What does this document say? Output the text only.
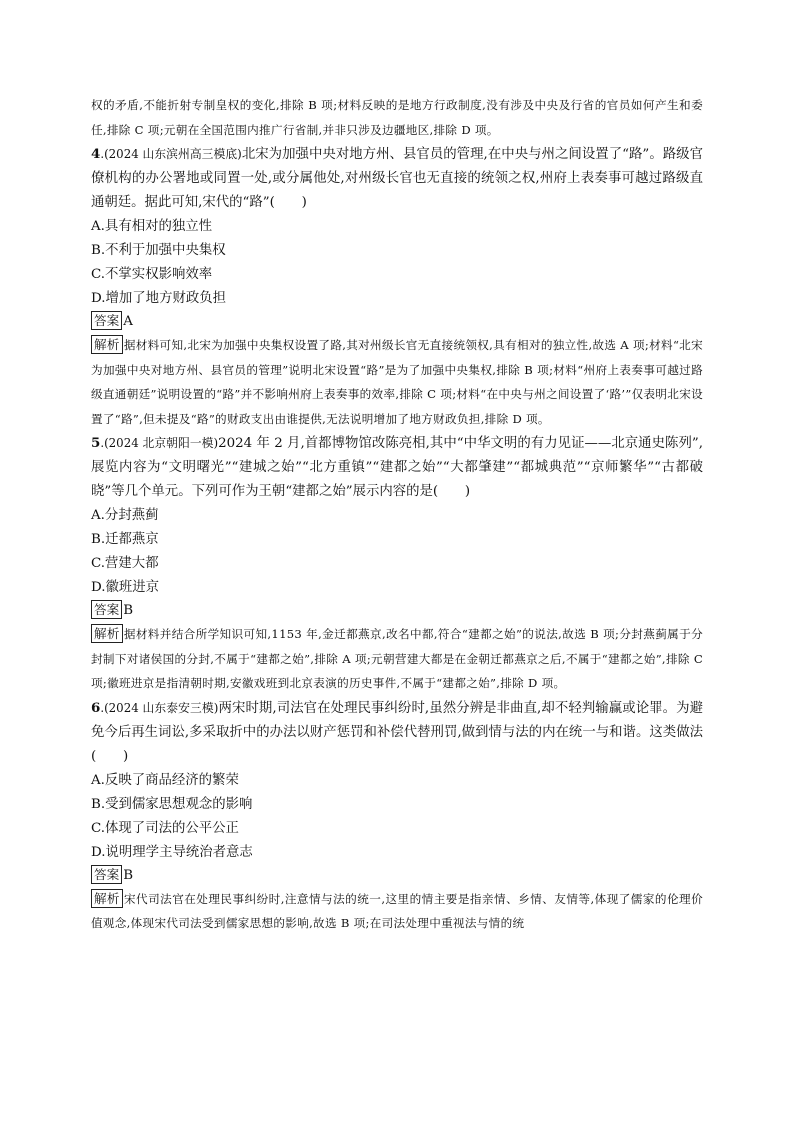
权的矛盾,不能折射专制皇权的变化,排除 B 项;材料反映的是地方行政制度,没有涉及中央及行省的官员如何产生和委任,排除 C 项;元朝在全国范围内推广行省制,并非只涉及边疆地区,排除 D 项。

4.(2024 山东滨州高三模底)北宋为加强中央对地方州、县官员的管理,在中央与州之间设置了“路”。路级官僚机构的办公署地或同置一处,或分属他处,对州级长官也无直接的统领之权,州府上表奏事可越过路级直通朝廷。据此可知,宋代的“路”(　　)

A.具有相对的独立性

B.不利于加强中央集权

C.不掌实权影响效率

D.增加了地方财政负担

答案 A

解析 据材料可知,北宋为加强中央集权设置了路,其对州级长官无直接统领权,具有相对的独立性,故选 A 项;材料“北宋为加强中央对地方州、县官员的管理”说明北宋设置“路”是为了加强中央集权,排除 B 项;材料“州府上表奏事可越过路级直通朝廷”说明设置的“路”并不影响州府上表奏事的效率,排除 C 项;材料“在中央与州之间设置了‘路’”仅表明北宋设置了“路”,但未提及“路”的财政支出由谁提供,无法说明增加了地方财政负担,排除 D 项。

5.(2024 北京朝阳一模)2024 年 2 月,首都博物馆改陈亮相,其中“中华文明的有力见证——北京通史陈列”,展览内容为“文明曙光”“建城之始”“北方重镇”“建都之始”“大都肇建”“都城典范”“京师繁华”“古都破晓”等几个单元。下列可作为王朝“建都之始”展示内容的是(　　)

A.分封燕蓟

B.迁都燕京

C.营建大都

D.徽班进京

答案 B

解析 据材料并结合所学知识可知,1153 年,金迁都燕京,改名中都,符合“建都之始”的说法,故选 B 项;分封燕蓟属于分封制下对诸侯国的分封,不属于“建都之始”,排除 A 项;元朝营建大都是在金朝迁都燕京之后,不属于“建都之始”,排除 C 项;徽班进京是指清朝时期,安徽戏班到北京表演的历史事件,不属于“建都之始”,排除 D 项。

6.(2024 山东泰安三模)两宋时期,司法官在处理民事纠纷时,虽然分辨是非曲直,却不轻判输赢或论罪。为避免今后再生词讼,多采取折中的办法以财产惩罚和补偿代替刑罚,做到情与法的内在统一与和谐。这类做法(　　)

A.反映了商品经济的繁荣

B.受到儒家思想观念的影响

C.体现了司法的公平公正

D.说明理学主导统治者意志

答案 B

解析 宋代司法官在处理民事纠纷时,注意情与法的统一,这里的情主要是指亲情、乡情、友情等,体现了儒家的伦理价值观念,体现宋代司法受到儒家思想的影响,故选 B 项;在司法处理中重视法与情的统
